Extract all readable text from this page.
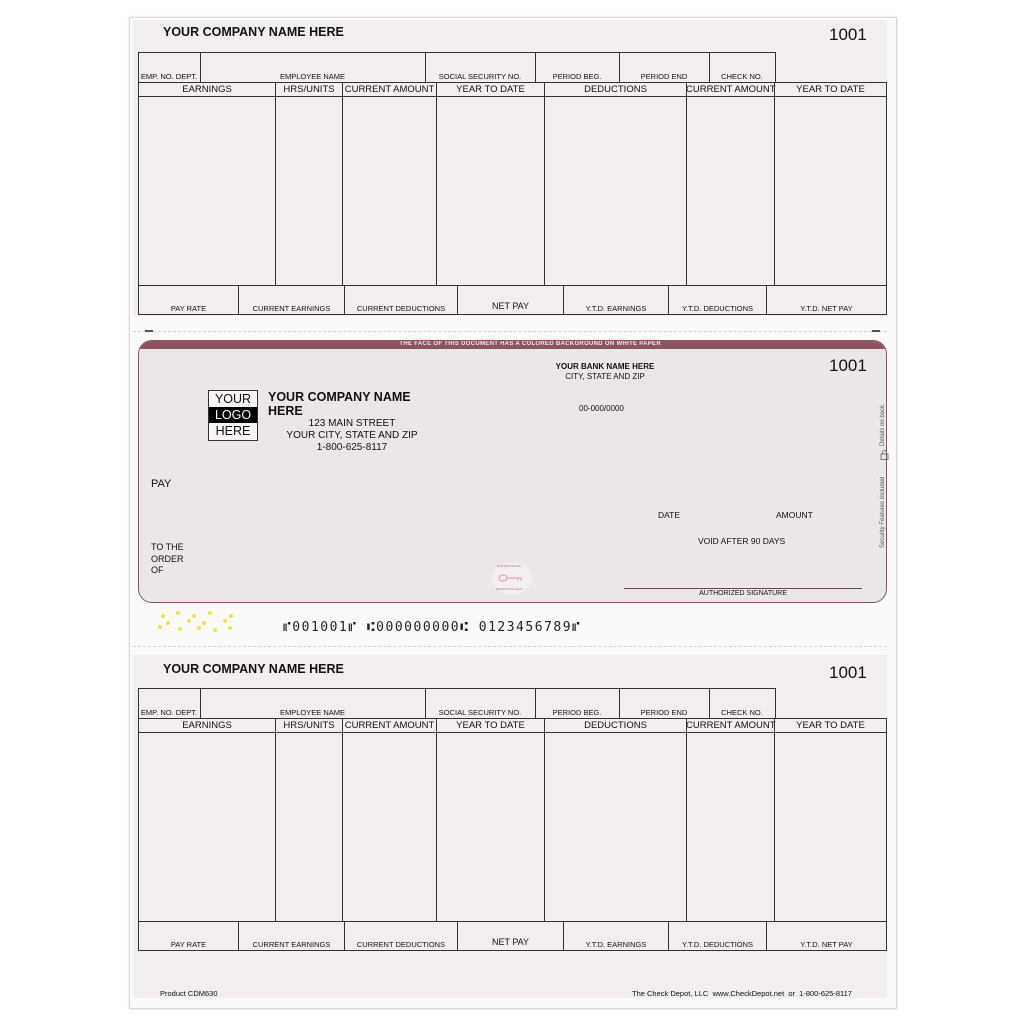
YOUR COMPANY NAME HERE	1001
EMP. NO. DEPT.	EMPLOYEE NAME	SOCIAL SECURITY NO.	PERIOD BEG.	PERIOD END	CHECK NO.
EARNINGS	HRS/UNITS	CURRENT AMOUNT	YEAR TO DATE	DEDUCTIONS	CURRENT AMOUNT	YEAR TO DATE
PAY RATE	CURRENT EARNINGS	CURRENT DEDUCTIONS	NET PAY	Y.T.D. EARNINGS	Y.T.D. DEDUCTIONS	Y.T.D. NET PAY
THE FACE OF THIS DOCUMENT HAS A COLORED BACKGROUND ON WHITE PAPER
YOUR
LOGO
HERE
YOUR COMPANY NAME HERE
123 MAIN STREET
YOUR CITY, STATE AND ZIP
1-800-625-8117
YOUR BANK NAME HERE
CITY, STATE AND ZIP
00-000/0000
1001
PAY
TO THE
ORDER
OF
DATE	AMOUNT
VOID AFTER 90 DAYS
AUTHORIZED SIGNATURE
RUB RED IMAGE
FADES WITH HEAT
Security Features Included
Details on back.
⑈001001⑈ ⑆000000000⑆ 0123456789⑈
YOUR COMPANY NAME HERE	1001
EMP. NO. DEPT.	EMPLOYEE NAME	SOCIAL SECURITY NO.	PERIOD BEG.	PERIOD END	CHECK NO.
EARNINGS	HRS/UNITS	CURRENT AMOUNT	YEAR TO DATE	DEDUCTIONS	CURRENT AMOUNT	YEAR TO DATE
PAY RATE	CURRENT EARNINGS	CURRENT DEDUCTIONS	NET PAY	Y.T.D. EARNINGS	Y.T.D. DEDUCTIONS	Y.T.D. NET PAY
Product CDM630	The Check Depot, LLC  www.CheckDepot.net  or  1-800-625-8117
